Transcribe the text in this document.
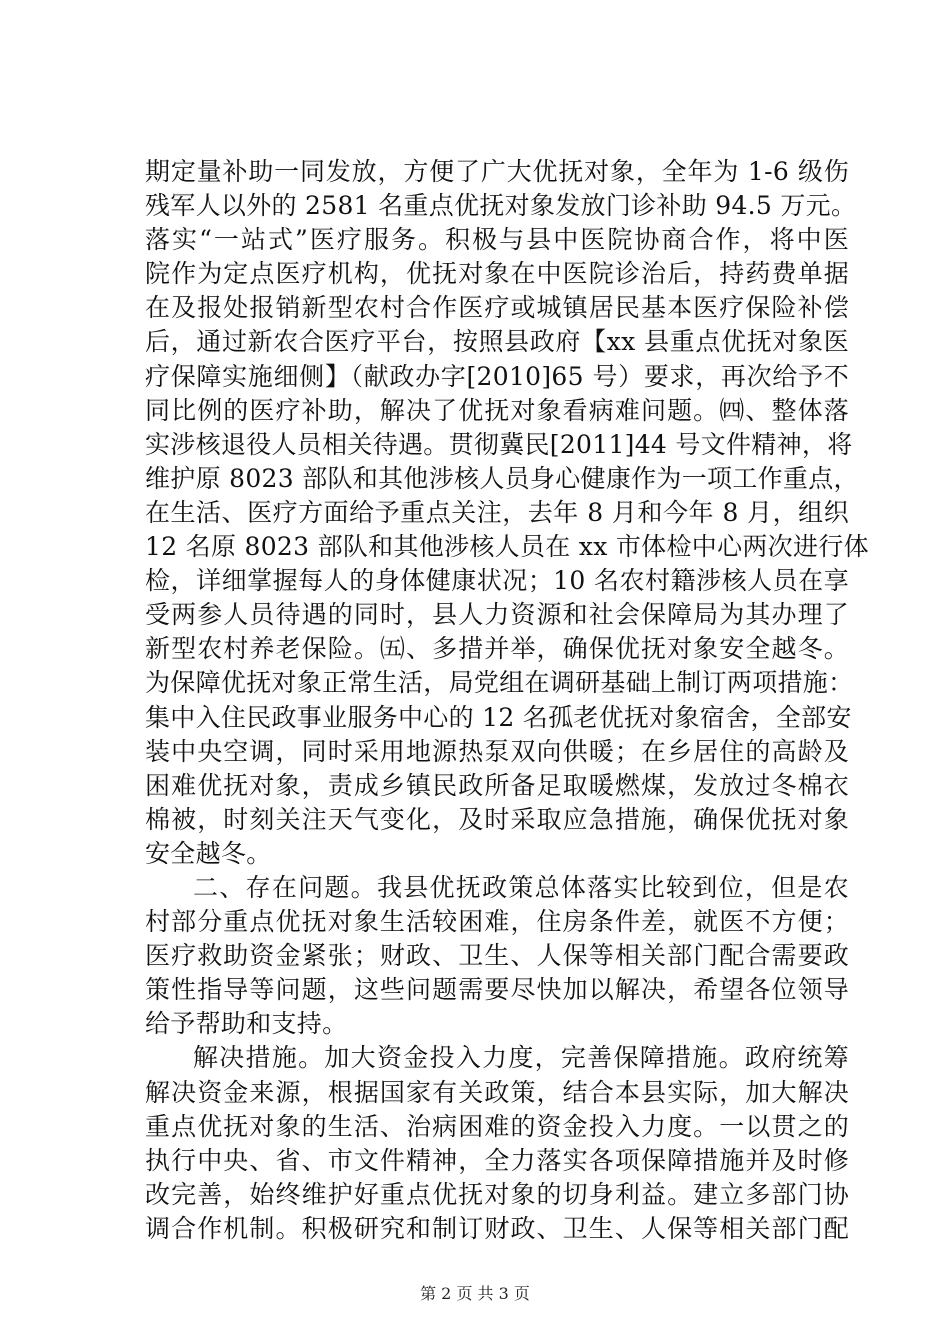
期定量补助一同发放，方便了广大优抚对象，全年为 1-6 级伤
残军人以外的 2581 名重点优抚对象发放门诊补助 94.5 万元。
落实“一站式”医疗服务。积极与县中医院协商合作，将中医
院作为定点医疗机构，优抚对象在中医院诊治后，持药费单据
在及报处报销新型农村合作医疗或城镇居民基本医疗保险补偿
后，通过新农合医疗平台，按照县政府【xx 县重点优抚对象医
疗保障实施细侧】（献政办字[2010]65 号）要求，再次给予不
同比例的医疗补助，解决了优抚对象看病难问题。㈣、整体落
实涉核退役人员相关待遇。贯彻冀民[2011]44 号文件精神，将
维护原 8023 部队和其他涉核人员身心健康作为一项工作重点，
在生活、医疗方面给予重点关注，去年 8 月和今年 8 月，组织
12 名原 8023 部队和其他涉核人员在 xx 市体检中心两次进行体
检，详细掌握每人的身体健康状况；10 名农村籍涉核人员在享
受两参人员待遇的同时，县人力资源和社会保障局为其办理了
新型农村养老保险。㈤、多措并举，确保优抚对象安全越冬。
为保障优抚对象正常生活，局党组在调研基础上制订两项措施：
集中入住民政事业服务中心的 12 名孤老优抚对象宿舍，全部安
装中央空调，同时采用地源热泵双向供暖；在乡居住的高龄及
困难优抚对象，责成乡镇民政所备足取暖燃煤，发放过冬棉衣
棉被，时刻关注天气变化，及时采取应急措施，确保优抚对象
安全越冬。
二、存在问题。我县优抚政策总体落实比较到位，但是农
村部分重点优抚对象生活较困难，住房条件差，就医不方便；
医疗救助资金紧张；财政、卫生、人保等相关部门配合需要政
策性指导等问题，这些问题需要尽快加以解决，希望各位领导
给予帮助和支持。
解决措施。加大资金投入力度，完善保障措施。政府统筹
解决资金来源，根据国家有关政策，结合本县实际，加大解决
重点优抚对象的生活、治病困难的资金投入力度。一以贯之的
执行中央、省、市文件精神，全力落实各项保障措施并及时修
改完善，始终维护好重点优抚对象的切身利益。建立多部门协
调合作机制。积极研究和制订财政、卫生、人保等相关部门配
第 2 页 共 3 页
